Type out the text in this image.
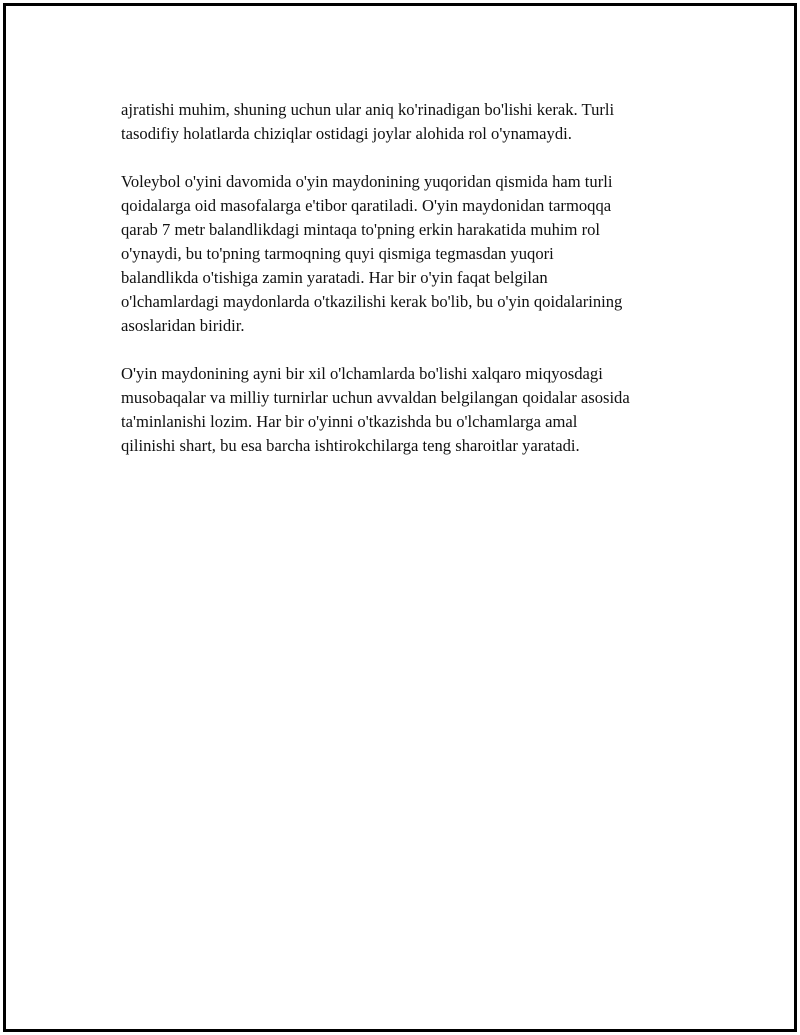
ajratishi muhim, shuning uchun ular aniq ko'rinadigan bo'lishi kerak. Turli
tasodifiy holatlarda chiziqlar ostidagi joylar alohida rol o'ynamaydi.

Voleybol o'yini davomida o'yin maydonining yuqoridan qismida ham turli
qoidalarga oid masofalarga e'tibor qaratiladi. O'yin maydonidan tarmoqqa
qarab 7 metr balandlikdagi mintaqa to'pning erkin harakatida muhim rol
o'ynaydi, bu to'pning tarmoqning quyi qismiga tegmasdan yuqori
balandlikda o'tishiga zamin yaratadi. Har bir o'yin faqat belgilan
o'lchamlardagi maydonlarda o'tkazilishi kerak bo'lib, bu o'yin qoidalarining
asoslaridan biridir.

O'yin maydonining ayni bir xil o'lchamlarda bo'lishi xalqaro miqyosdagi
musobaqalar va milliy turnirlar uchun avvaldan belgilangan qoidalar asosida
ta'minlanishi lozim. Har bir o'yinni o'tkazishda bu o'lchamlarga amal
qilinishi shart, bu esa barcha ishtirokchilarga teng sharoitlar yaratadi.
